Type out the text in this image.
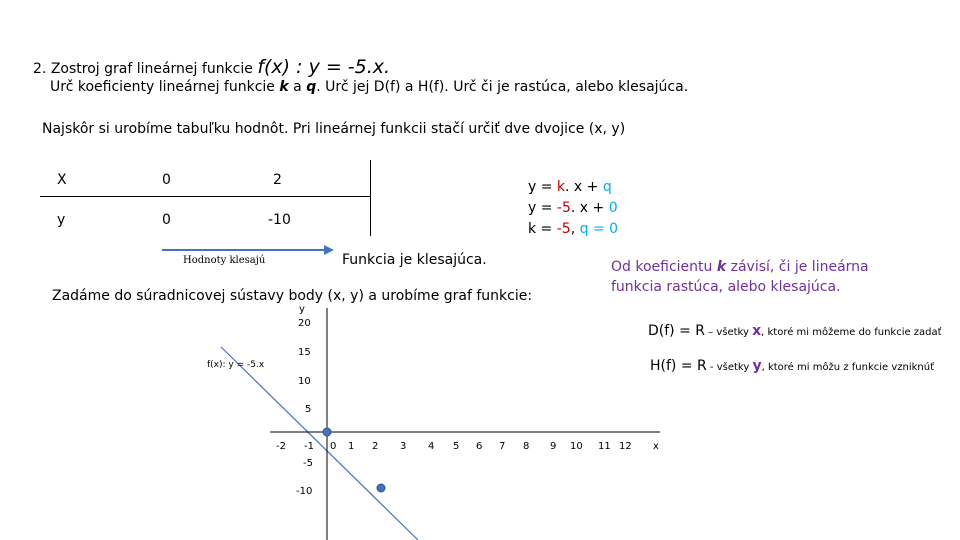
2. Zostroj graf lineárnej funkcie f(x) : y = -5.x.
Urč koeficienty lineárnej funkcie k a q. Urč jej D(f) a H(f). Urč či je rastúca, alebo klesajúca.
Najskôr si urobíme tabuľku hodnôt. Pri lineárnej funkcii stačí určiť dve dvojice (x, y)
X	0	2
y	0	-10
y = k. x + q
y = -5. x + 0
k = -5, q = 0
Hodnoty klesajú	Funkcia je klesajúca.	Od koeficientu k závisí, či je lineárna
funkcia rastúca, alebo klesajúca.
Zadáme do súradnicovej sústavy body (x, y) a urobíme graf funkcie:
D(f) = R – všetky x, ktoré mi môžeme do funkcie zadať
H(f) = R - všetky y, ktoré mi môžu z funkcie vzniknúť
y
x
f(x): y = -5.x
20
15
10
5
-5
-10
-2 -1 0 1 2 3 4 5 6 7 8 9 10 11 12
